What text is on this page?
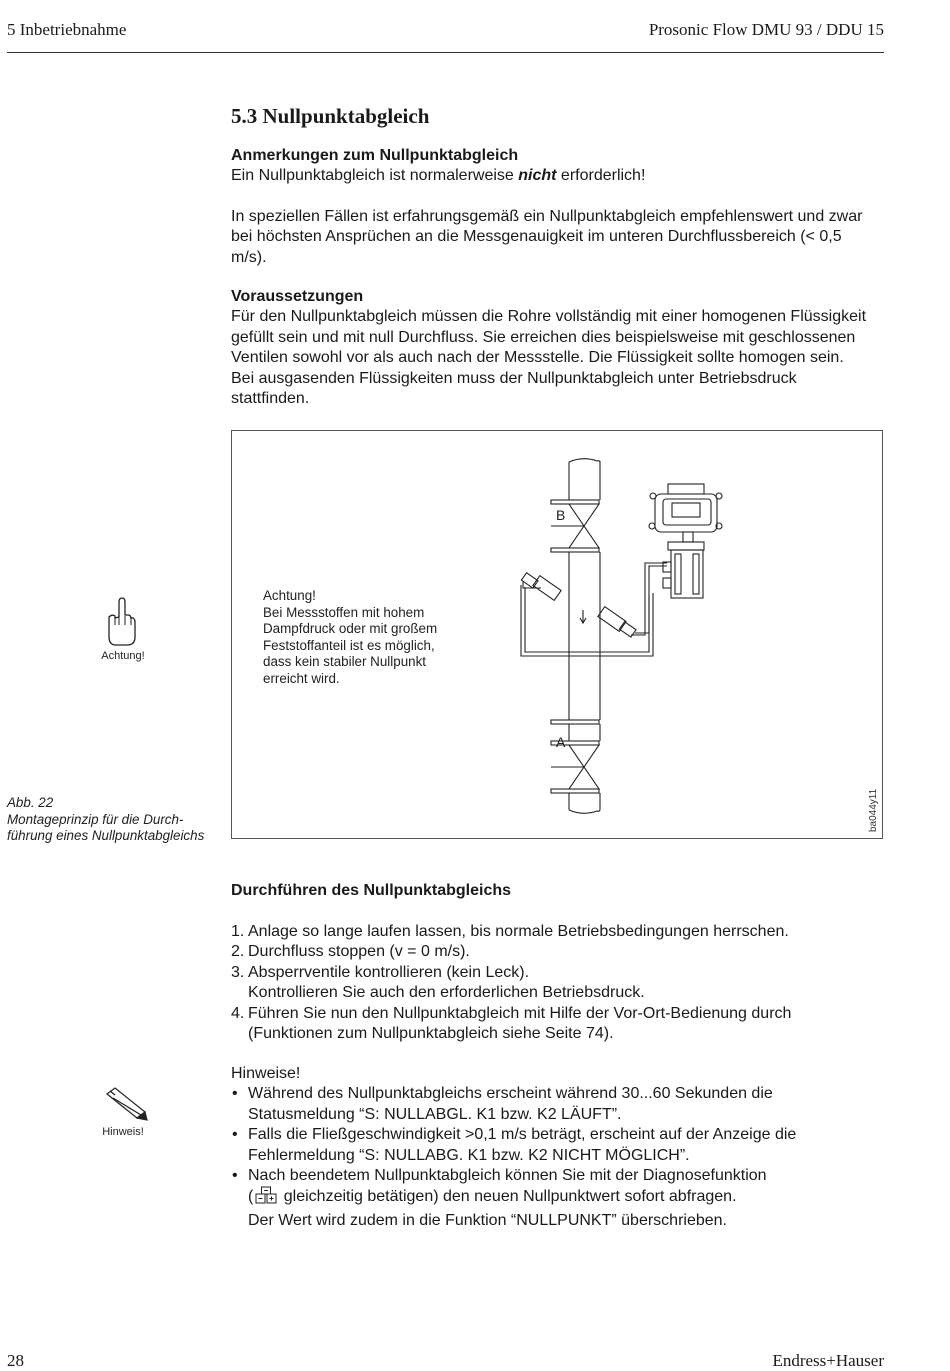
5 Inbetriebnahme	Prosonic Flow DMU 93 / DDU 15
5.3 Nullpunktabgleich

Anmerkungen zum Nullpunktabgleich

Ein Nullpunktabgleich ist normalerweise nicht erforderlich!

In speziellen Fällen ist erfahrungsgemäß ein Nullpunktabgleich empfehlenswert und zwar bei höchsten Ansprüchen an die Messgenauigkeit im unteren Durchflussbereich (< 0,5 m/s).

Voraussetzungen

Für den Nullpunktabgleich müssen die Rohre vollständig mit einer homogenen Flüssigkeit gefüllt sein und mit null Durchfluss. Sie erreichen dies beispielsweise mit geschlossenen Ventilen sowohl vor als auch nach der Messstelle. Die Flüssigkeit sollte homogen sein. Bei ausgasenden Flüssigkeiten muss der Nullpunktabgleich unter Betriebsdruck stattfinden.

Achtung!
Achtung!
Bei Messstoffen mit hohem
Dampfdruck oder mit großem
Feststoffanteil ist es möglich,
dass kein stabiler Nullpunkt
erreicht wird.
B
A
ba044y11
Abb. 22
Montageprinzip für die Durch-
führung eines Nullpunktabgleichs
Durchführen des Nullpunktabgleichs
1. Anlage so lange laufen lassen, bis normale Betriebsbedingungen herrschen.
2. Durchfluss stoppen (v = 0 m/s).
3. Absperrventile kontrollieren (kein Leck).
Kontrollieren Sie auch den erforderlichen Betriebsdruck.
4. Führen Sie nun den Nullpunktabgleich mit Hilfe der Vor-Ort-Bedienung durch
(Funktionen zum Nullpunktabgleich siehe Seite 74).
Hinweis!

Hinweise!

• Während des Nullpunktabgleichs erscheint während 30...60 Sekunden die
Statusmeldung “S: NULLABGL. K1 bzw. K2 LÄUFT”.
• Falls die Fließgeschwindigkeit >0,1 m/s beträgt, erscheint auf der Anzeige die
Fehlermeldung “S: NULLABG. K1 bzw. K2 NICHT MÖGLICH”.
• Nach beendetem Nullpunktabgleich können Sie mit der Diagnosefunktion
( gleichzeitig betätigen) den neuen Nullpunktwert sofort abfragen.
Der Wert wird zudem in die Funktion “NULLPUNKT” überschrieben.
28	Endress+Hauser
